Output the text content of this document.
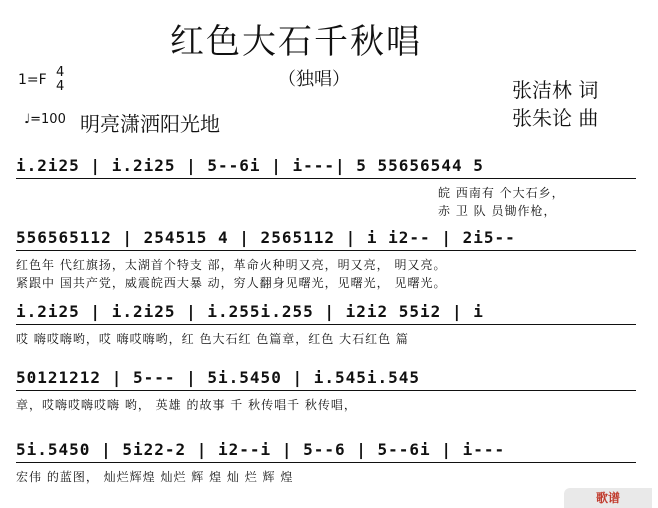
红色大石千秋唱
（独唱）	张洁林 词
张朱论 曲
1=F 4
4
♩=100 明亮潇洒阳光地
i.2i25 | i.2i25 | 5--6i | i---| 5 55656544 5
皖 西南有 个大石乡，
赤 卫 队 员锄作枪，
556565112 | 254515 4 | 2565112 | i i2-- | 2i5--
红色年 代红旗扬，太湖首个特支 部，革命火种明又亮，明又亮， 明又亮。
紧跟中 国共产党，威震皖西大暴 动，穷人翻身见曙光，见曙光， 见曙光。
i.2i25 | i.2i25 | i.255i.255 | i2i2 55i2 | i
哎 嗨哎嗨哟，哎 嗨哎嗨哟，红 色大石红 色篇章，红色 大石红色 篇
50121212 | 5--- | 5i.5450 | i.545i.545
章，哎嗨哎嗨哎嗨 哟， 英雄 的故事 千 秋传唱千 秋传唱，
5i.5450 | 5i22-2 | i2--i | 5--6 | 5--6i | i---
宏伟 的蓝图， 灿烂辉煌 灿烂 辉 煌 灿 烂 辉 煌
歌谱
